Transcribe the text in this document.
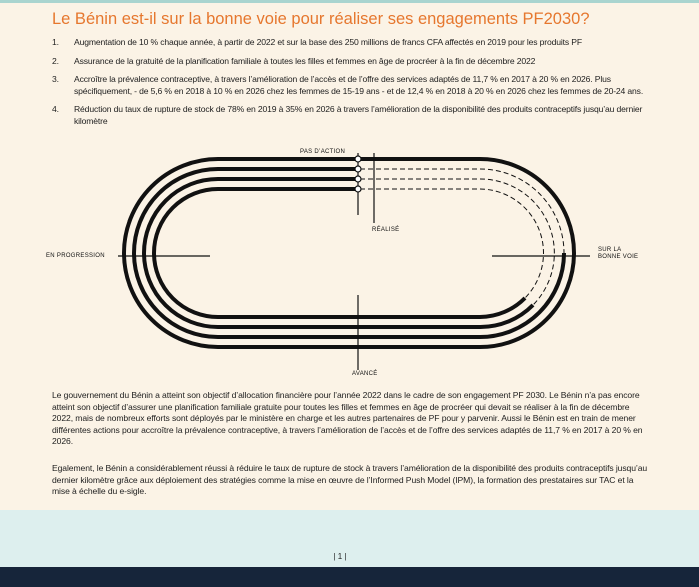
Le Bénin est-il sur la bonne voie pour réaliser ses engagements PF2030?
1. Augmentation de 10 % chaque année, à partir de 2022 et sur la base des 250 millions de francs CFA affectés en 2019 pour les produits PF
2. Assurance de la gratuité de la planification familiale à toutes les filles et femmes en âge de procréer à la fin de décembre 2022
3. Accroître la prévalence contraceptive, à travers l’amélioration de l’accès et de l’offre des services adaptés de 11,7 % en 2017 à 20 % en 2026. Plus spécifiquement, - de 5,6 % en 2018 à 10 % en 2026 chez les femmes de 15-19 ans - et de 12,4 % en 2018 à 20 % en 2026 chez les femmes de 20-24 ans.
4. Réduction du taux de rupture de stock de 78% en 2019 à 35% en 2026 à travers l’amélioration de la disponibilité des produits contraceptifs jusqu’au dernier kilomètre
PAS D’ACTION
RÉALISÉ
EN PROGRESSION
SUR LA
BONNE VOIE
AVANCÉ

Le gouvernement du Bénin a atteint son objectif d’allocation financière pour l’année 2022 dans le cadre de son engagement PF 2030. Le Bénin n’a pas encore atteint son objectif d’assurer une planification familiale gratuite pour toutes les filles et femmes en âge de procréer qui devait se réaliser à la fin de décembre 2022, mais de nombreux efforts sont déployés par le ministère en charge et les autres partenaires de PF pour y parvenir. Aussi le Bénin est en train de mener différentes actions pour accroître la prévalence contraceptive, à travers l’amélioration de l’accès et de l’offre des services adaptés de 11,7 % en 2017 à 20 % en 2026.

Egalement, le Bénin a considérablement réussi à réduire le taux de rupture de stock à travers l’amélioration de la disponibilité des produits contraceptifs jusqu’au dernier kilomètre grâce aux déploiement des stratégies comme la mise en œuvre de l’Informed Push Model (IPM), la formation des prestataires sur TAC et la mise à échelle du e-sigle.

| 1 |
